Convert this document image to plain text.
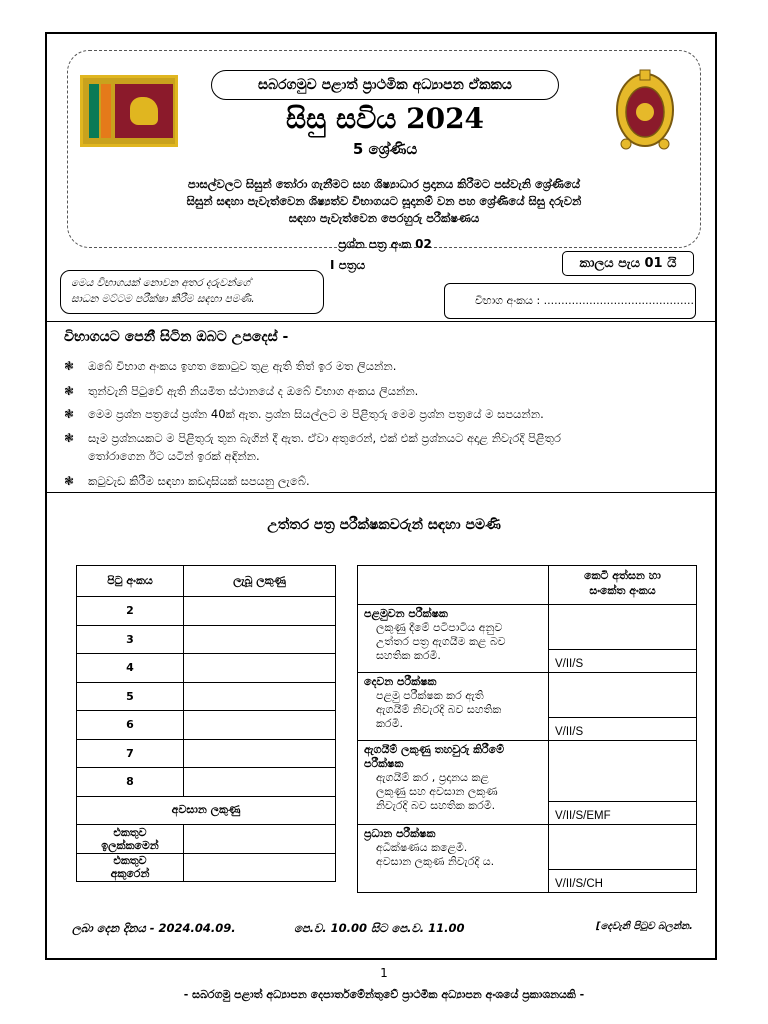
සබරගමුව පළාත් ප්‍රාථමික අධ්‍යාපන ඒකකය
සිසු සවිය 2024
5 ශ්‍රේණිය
පාසල්වලට සිසුන් තෝරා ගැනීමට සහ ශිෂ්‍යාධාර ප්‍රදානය කිරීමට පස්වැනි ශ්‍රේණියේ
සිසුන් සඳහා පැවැත්වෙන ශිෂ්‍යත්ව විභාගයට සූදානම් වන පහ ශ්‍රේණියේ සිසු දරුවන්
සඳහා පැවැත්වෙන පෙරහුරු පරීක්ෂණය
ප්‍රශ්න පත්‍ර අංක 02
I පත්‍රය	කාලය පැය 01 යි
මෙය විභාගයක් නොවන අතර දරුවන්ගේ
සාධන මට්ටම පරීක්ෂා කිරීම සඳහා පමණි.	විභාග අංකය : ...........................................
විභාගයට පෙනී සිටින ඔබට උපදෙස් -
❃ ඔබේ විභාග අංකය ඉහත කොටුව තුළ ඇති තිත් ඉර මත ලියන්න.
❃ තුන්වැනි පිටුවේ ඇති නියමිත ස්ථානයේ ද ඔබේ විභාග අංකය ලියන්න.
❃ මෙම ප්‍රශ්න පත්‍රයේ ප්‍රශ්න 40ක් ඇත. ප්‍රශ්න සියල්ලට ම පිළිතුරු මෙම ප්‍රශ්න පත්‍රයේ ම සපයන්න.
❃ සෑම ප්‍රශ්නයකට ම පිළිතුරු තුන බැගින් දී ඇත. ඒවා අතුරෙන්, එක් එක් ප්‍රශ්නයට අදාළ නිවැරදි පිළිතුර
තෝරාගෙන ඊට යටින් ඉරක් අඳින්න.
❃ කටුවැඩ කිරීම සඳහා කඩදාසියක් සපයනු ලැබේ.
උත්තර පත්‍ර පරීක්ෂකවරුන් සඳහා පමණි
පිටු අංකය	ලැබූ ලකුණු
2	
3	
4	
5	
6	
7	
8	
අවසාන ලකුණු	
එකතුව
ඉලක්කමෙන්	
එකතුව
අකුරෙන්	
	කෙටි අත්සන හා
සංකේත අංකය

පළමුවන පරීක්ෂක
ලකුණු දීමේ පටිපාටිය අනුව
උත්තර පත්‍ර ඇගයීම කළ බව
සහතික කරමි.	

	V/II/S

දෙවන පරීක්ෂක
පළමු පරීක්ෂක කර ඇති
ඇගයීම් නිවැරදි බව සහතික
කරමි.	

	V/II/S

ඇගයීම් ලකුණු තහවුරු කිරීමේ පරීක්ෂක
ඇගයීම් කර , ප්‍රදානය කළ
ලකුණු සහ අවසාන ලකුණ
නිවැරදි බව සහතික කරමි.	

	V/II/S/EMF

ප්‍රධාන පරීක්ෂක
අධීක්ෂණය කළෙමි.
අවසාන ලකුණ නිවැරදි ය.	

	V/II/S/CH
ලබා දෙන දිනය - 2024.04.09.	පෙ.ව. 10.00 සිට පෙ.ව. 11.00	[දෙවැනි පිටුව බලන්න.
1
- සබරගමු පළාත් අධ්‍යාපන දෙපාර්තමේන්තුවේ ප්‍රාථමික අධ්‍යාපන අංශයේ ප්‍රකාශනයකි -
